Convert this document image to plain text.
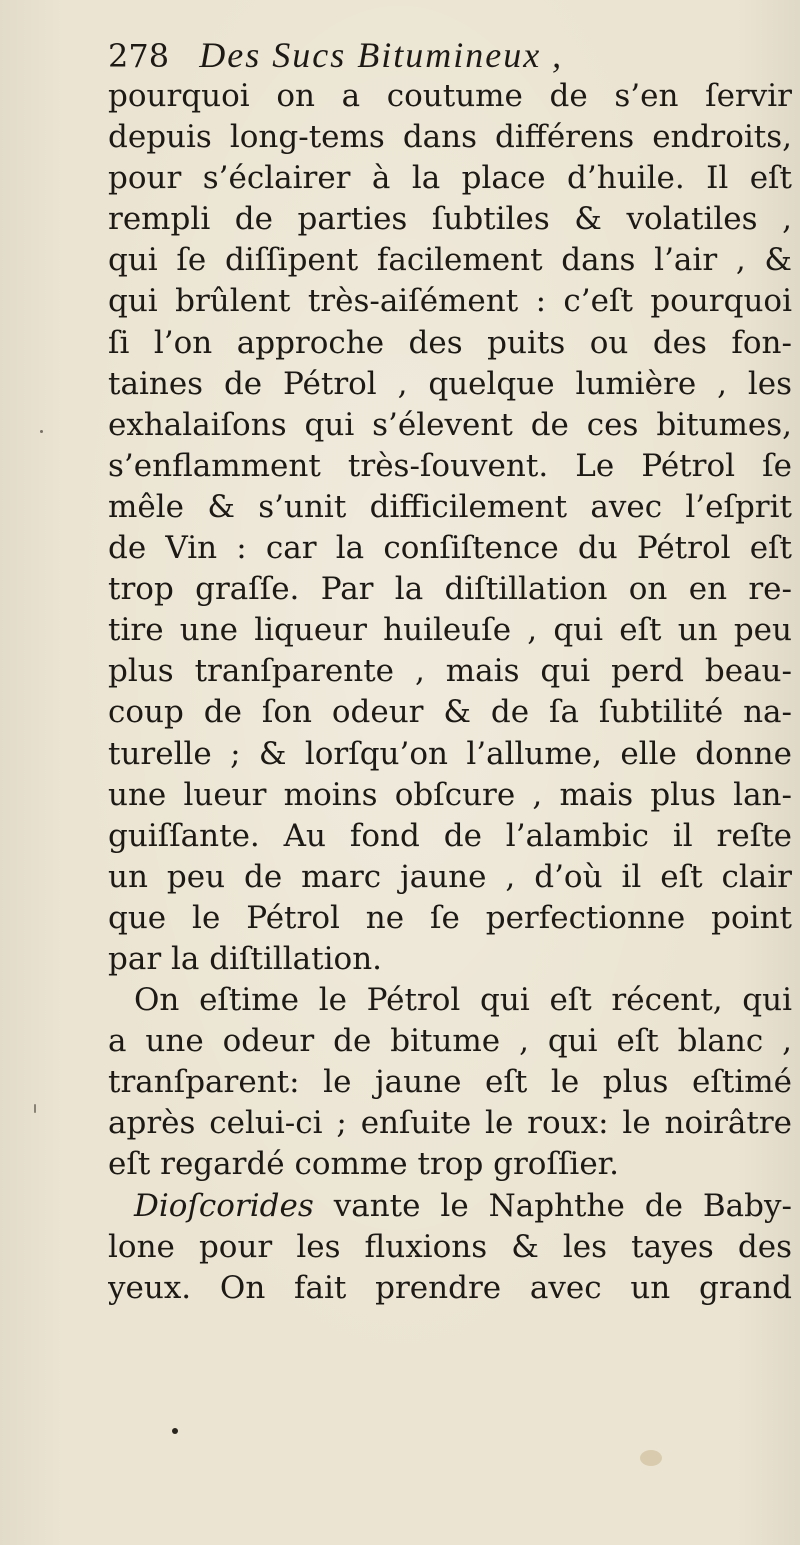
278 Des Sucs Bitumineux ,
pourquoi on a coutume de s’en ſervir
depuis long-tems dans différens endroits,
pour s’éclairer à la place d’huile. Il eſt
rempli de parties ſubtiles & volatiles ,
qui ſe diſſipent facilement dans l’air , &
qui brûlent très-aiſément : c’eſt pourquoi
ſi l’on approche des puits ou des fon-
taines de Pétrol , quelque lumière , les
exhalaiſons qui s’élevent de ces bitumes,
s’enflamment très-ſouvent. Le Pétrol ſe
mêle & s’unit difficilement avec l’eſprit
de Vin : car la conſiſtence du Pétrol eſt
trop graſſe. Par la diſtillation on en re-
tire une liqueur huileuſe , qui eſt un peu
plus tranſparente , mais qui perd beau-
coup de ſon odeur & de ſa ſubtilité na-
turelle ; & lorſqu’on l’allume, elle donne
une lueur moins obſcure , mais plus lan-
guiſſante. Au fond de l’alambic il reſte
un peu de marc jaune , d’où il eſt clair
que le Pétrol ne ſe perfectionne point
par la diſtillation.
On eſtime le Pétrol qui eſt récent, qui
a une odeur de bitume , qui eſt blanc ,
tranſparent: le jaune eſt le plus eſtimé
après celui-ci ; enſuite le roux: le noirâtre
eſt regardé comme trop groſſier.
Dioſcorides vante le Naphthe de Baby-
lone pour les fluxions & les tayes des
yeux. On fait prendre avec un grand
